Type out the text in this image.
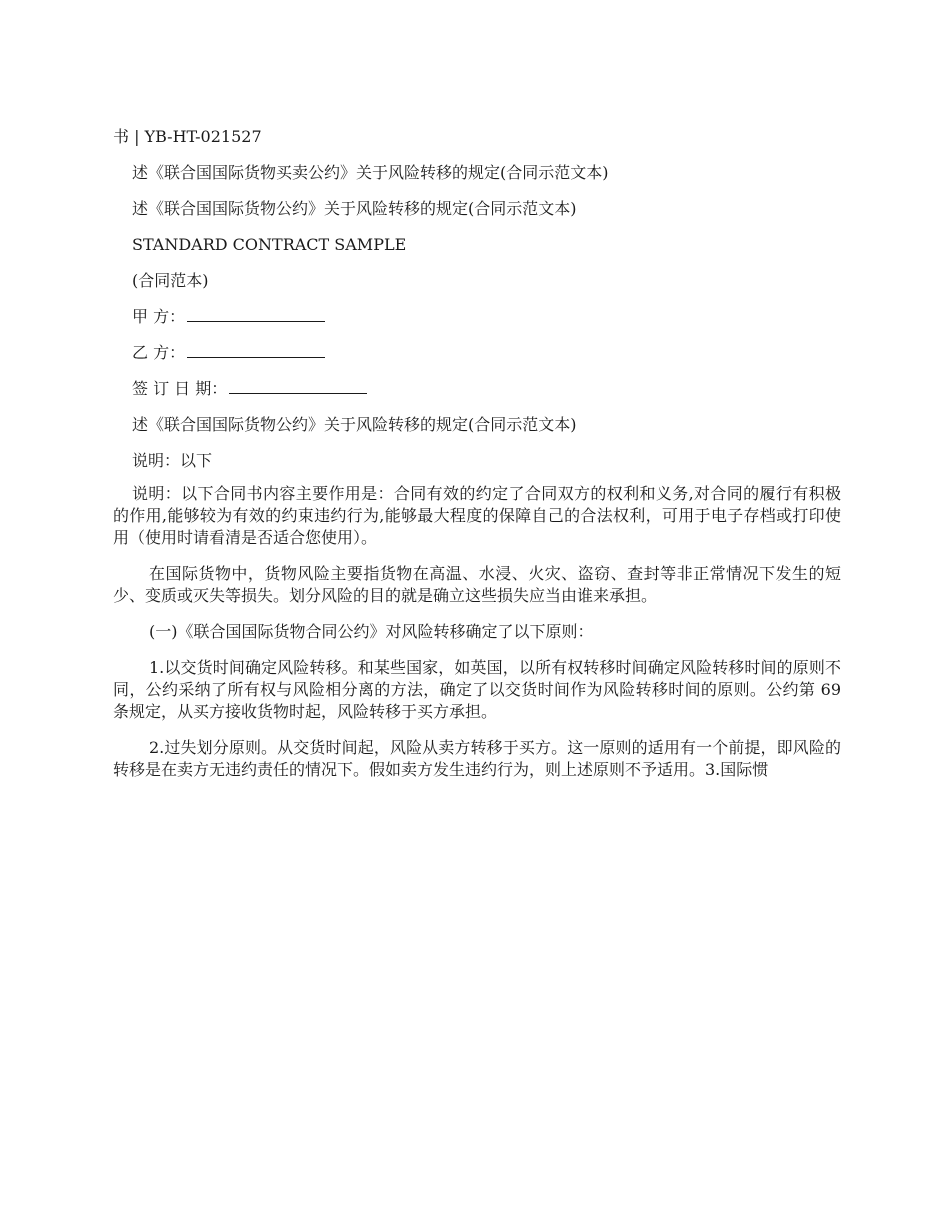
书 | YB-HT-021527
述《联合国国际货物买卖公约》关于风险转移的规定(合同示范文本)
述《联合国国际货物公约》关于风险转移的规定(合同示范文本)
STANDARD CONTRACT SAMPLE
(合同范本)
甲 方：
乙 方：
签 订 日 期：
述《联合国国际货物公约》关于风险转移的规定(合同示范文本)
说明：以下

说明：以下合同书内容主要作用是：合同有效的约定了合同双方的权利和义务,对合同的履行有积极的作用,能够较为有效的约束违约行为,能够最大程度的保障自己的合法权利，可用于电子存档或打印使用（使用时请看清是否适合您使用）。

在国际货物中，货物风险主要指货物在高温、水浸、火灾、盗窃、查封等非正常情况下发生的短少、变质或灭失等损失。划分风险的目的就是确立这些损失应当由谁来承担。

(一)《联合国国际货物合同公约》对风险转移确定了以下原则：

1.以交货时间确定风险转移。和某些国家，如英国，以所有权转移时间确定风险转移时间的原则不同，公约采纳了所有权与风险相分离的方法，确定了以交货时间作为风险转移时间的原则。公约第 69 条规定，从买方接收货物时起，风险转移于买方承担。

2.过失划分原则。从交货时间起，风险从卖方转移于买方。这一原则的适用有一个前提，即风险的转移是在卖方无违约责任的情况下。假如卖方发生违约行为，则上述原则不予适用。3.国际惯
